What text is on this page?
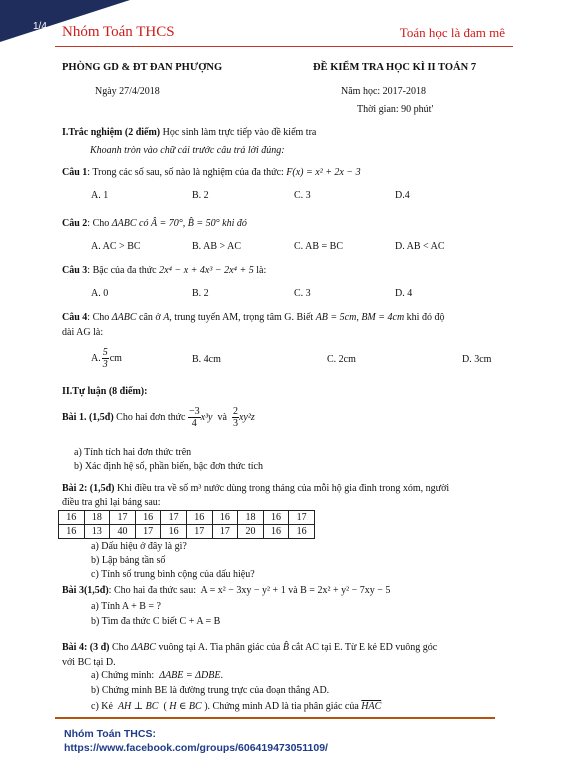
1/4 Nhóm Toán THCS	Toán học là đam mê
PHÒNG GD & ĐT ĐAN PHƯỢNG	ĐỀ KIỂM TRA HỌC KÌ II TOÁN 7
Ngày 27/4/2018	Năm học: 2017-2018
Thời gian: 90 phút'
I.Trắc nghiệm (2 điểm) Học sinh làm trực tiếp vào đề kiểm tra
Khoanh tròn vào chữ cái trước câu trả lời đúng:
Câu 1: Trong các số sau, số nào là nghiệm của đa thức: F(x) = x² + 2x − 3
A. 1	B. 2	C. 3	D.4
Câu 2: Cho ΔABC có Â = 70°, B̂ = 50° khi đó
A. AC > BC	B. AB > AC	C. AB = BC	D. AB < AC
Câu 3: Bậc của đa thức 2x⁴ − x + 4x³ − 2x⁴ + 5 là:
A. 0	B. 2	C. 3	D. 4
Câu 4: Cho ΔABC cân ở A, trung tuyến AM, trọng tâm G. Biết AB = 5cm, BM = 4cm khi đó độ
dài AG là:
A.
5
3
cm	B. 4cm	C. 2cm	D. 3cm
II.Tự luận (8 điểm):
Bài 1. (1,5đ) Cho hai đơn thức
−3
4
x³y và
2
3
xy²z
a) Tính tích hai đơn thức trên
b) Xác định hệ số, phần biến, bậc đơn thức tích
Bài 2: (1,5đ) Khi điều tra về số m³ nước dùng trong tháng của mỗi hộ gia đình trong xóm, người
điều tra ghi lại bảng sau:
16	18	17	16	17	16	16	18	16	17
16	13	40	17	16	17	17	20	16	16
a) Dấu hiệu ở đây là gì?
b) Lập bảng tần số
c) Tính số trung bình cộng của dấu hiệu?
Bài 3(1,5đ): Cho hai đa thức sau:  A = x² − 3xy − y² + 1 và B = 2x² + y² − 7xy − 5
a) Tính A + B = ?
b) Tìm đa thức C biết C + A = B
Bài 4: (3 đ) Cho ΔABC vuông tại A. Tia phân giác của B̂ cắt AC tại E. Từ E kẻ ED vuông góc
với BC tại D.
a) Chứng minh:  ΔABE = ΔDBE.
b) Chứng minh BE là đường trung trực của đoạn thẳng AD.
c) Kẻ  AH ⊥ BC  ( H ∈ BC ). Chứng minh AD là tia phân giác của $\overline{HAC}$
Nhóm Toán THCS:
https://www.facebook.com/groups/606419473051109/
